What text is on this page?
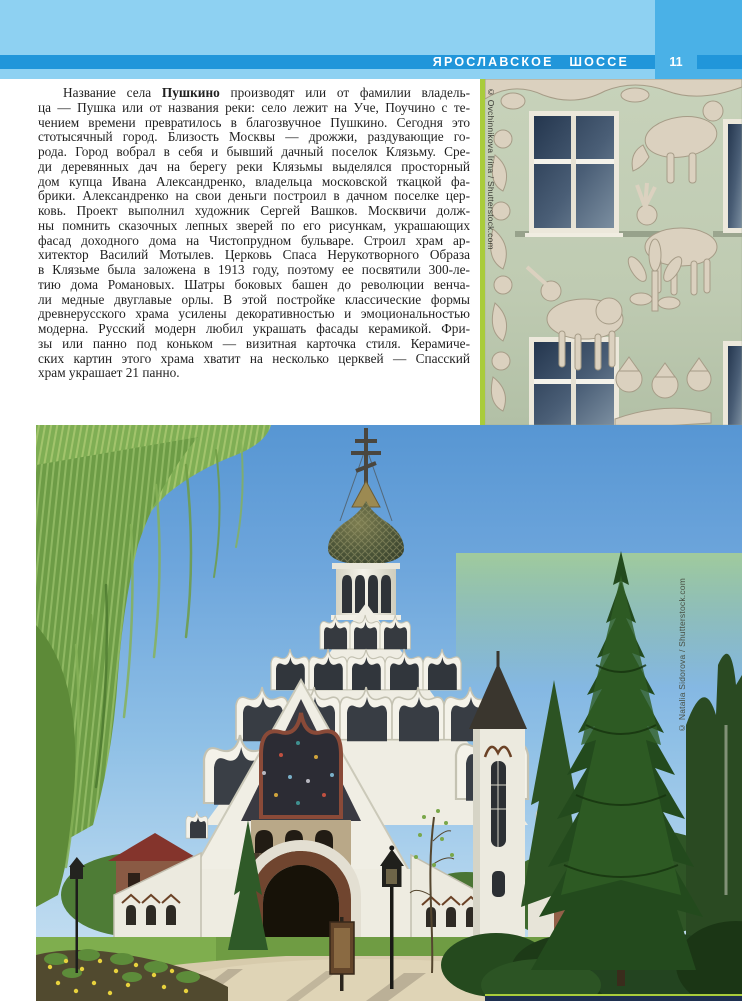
ЯРОСЛАВСКОЕ ШОССЕ	11
Название села Пушкино производят или от фамилии владель-
ца — Пушка или от названия реки: село лежит на Уче, Поучино с те-
чением времени превратилось в благозвучное Пушкино. Сегодня это
стотысячный город. Близость Москвы — дрожжи, раздувающие го-
рода. Город вобрал в себя и бывший дачный поселок Клязьму. Сре-
ди деревянных дач на берегу реки Клязьмы выделялся просторный
дом купца Ивана Александренко, владельца московской ткацкой фа-
брики. Александренко на свои деньги построил в дачном поселке цер-
ковь. Проект выполнил художник Сергей Вашков. Москвичи долж-
ны помнить сказочных лепных зверей по его рисункам, украшающих
фасад доходного дома на Чистопрудном бульваре. Строил храм ар-
хитектор Василий Мотылев. Церковь Спаса Нерукотворного Образа
в Клязьме была заложена в 1913 году, поэтому ее посвятили 300-ле-
тию дома Романовых. Шатры боковых башен до революции венча-
ли медные двуглавые орлы. В этой постройке классические формы
древнерусского храма усилены декоративностью и эмоциональностью
модерна. Русский модерн любил украшать фасады керамикой. Фри-
зы или панно под коньком — визитная карточка стиля. Керамиче-
ских картин этого храма хватит на несколько церквей — Спасский
храм украшает 21 панно.
© Ovchinnikova Irina / Shutterstock.com

© Natalia Sidorova / Shutterstock.com
